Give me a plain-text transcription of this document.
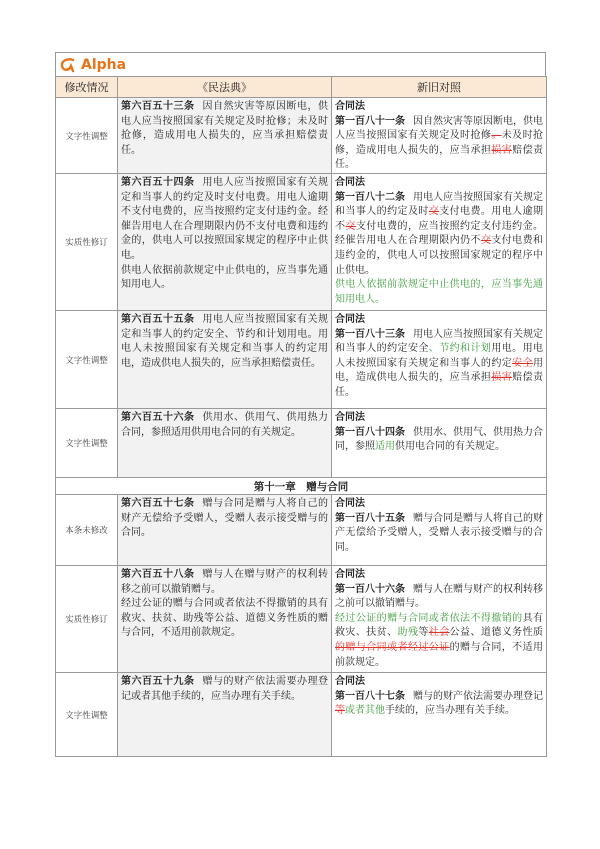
Alpha
修改情况	《民法典》	新旧对照
文字性调整	第六百五十三条 因自然灾害等原因断电，供电人应当按照国家有关规定及时抢修；未及时抢修，造成用电人损失的，应当承担赔偿责任。	合同法
第一百八十一条 因自然灾害等原因断电，供电人应当按照国家有关规定及时抢修。未及时抢修，造成用电人损失的，应当承担损害赔偿责任。

实质性修订	第六百五十四条 用电人应当按照国家有关规定和当事人的约定及时支付电费。用电人逾期不支付电费的，应当按照约定支付违约金。经催告用电人在合理期限内仍不支付电费和违约金的，供电人可以按照国家规定的程序中止供电。
供电人依据前款规定中止供电的，应当事先通知用电人。	合同法
第一百八十二条 用电人应当按照国家有关规定和当事人的约定及时交支付电费。用电人逾期不交支付电费的，应当按照约定支付违约金。经催告用电人在合理期限内仍不交支付电费和违约金的，供电人可以按照国家规定的程序中止供电。
供电人依据前款规定中止供电的，应当事先通知用电人。

文字性调整	第六百五十五条 用电人应当按照国家有关规定和当事人的约定安全、节约和计划用电。用电人未按照国家有关规定和当事人的约定用电，造成供电人损失的，应当承担赔偿责任。	合同法
第一百八十三条 用电人应当按照国家有关规定和当事人的约定安全、节约和计划用电。用电人未按照国家有关规定和当事人的约定安全用电，造成供电人损失的，应当承担损害赔偿责任。

文字性调整	第六百五十六条 供用水、供用气、供用热力合同，参照适用供用电合同的有关规定。	合同法
第一百八十四条 供用水、供用气、供用热力合同，参照适用供用电合同的有关规定。

第十一章　赠与合同		
本条未修改	第六百五十七条 赠与合同是赠与人将自己的财产无偿给予受赠人，受赠人表示接受赠与的合同。	合同法
第一百八十五条 赠与合同是赠与人将自己的财产无偿给予受赠人，受赠人表示接受赠与的合同。

实质性修订	第六百五十八条 赠与人在赠与财产的权利转移之前可以撤销赠与。
经过公证的赠与合同或者依法不得撤销的具有救灾、扶贫、助残等公益、道德义务性质的赠与合同，不适用前款规定。	合同法
第一百八十六条 赠与人在赠与财产的权利转移之前可以撤销赠与。
经过公证的赠与合同或者依法不得撤销的具有救灾、扶贫、助残等社会公益、道德义务性质的赠与合同或者经过公证的赠与合同，不适用前款规定。

文字性调整	第六百五十九条 赠与的财产依法需要办理登记或者其他手续的，应当办理有关手续。	合同法
第一百八十七条 赠与的财产依法需要办理登记等或者其他手续的，应当办理有关手续。
